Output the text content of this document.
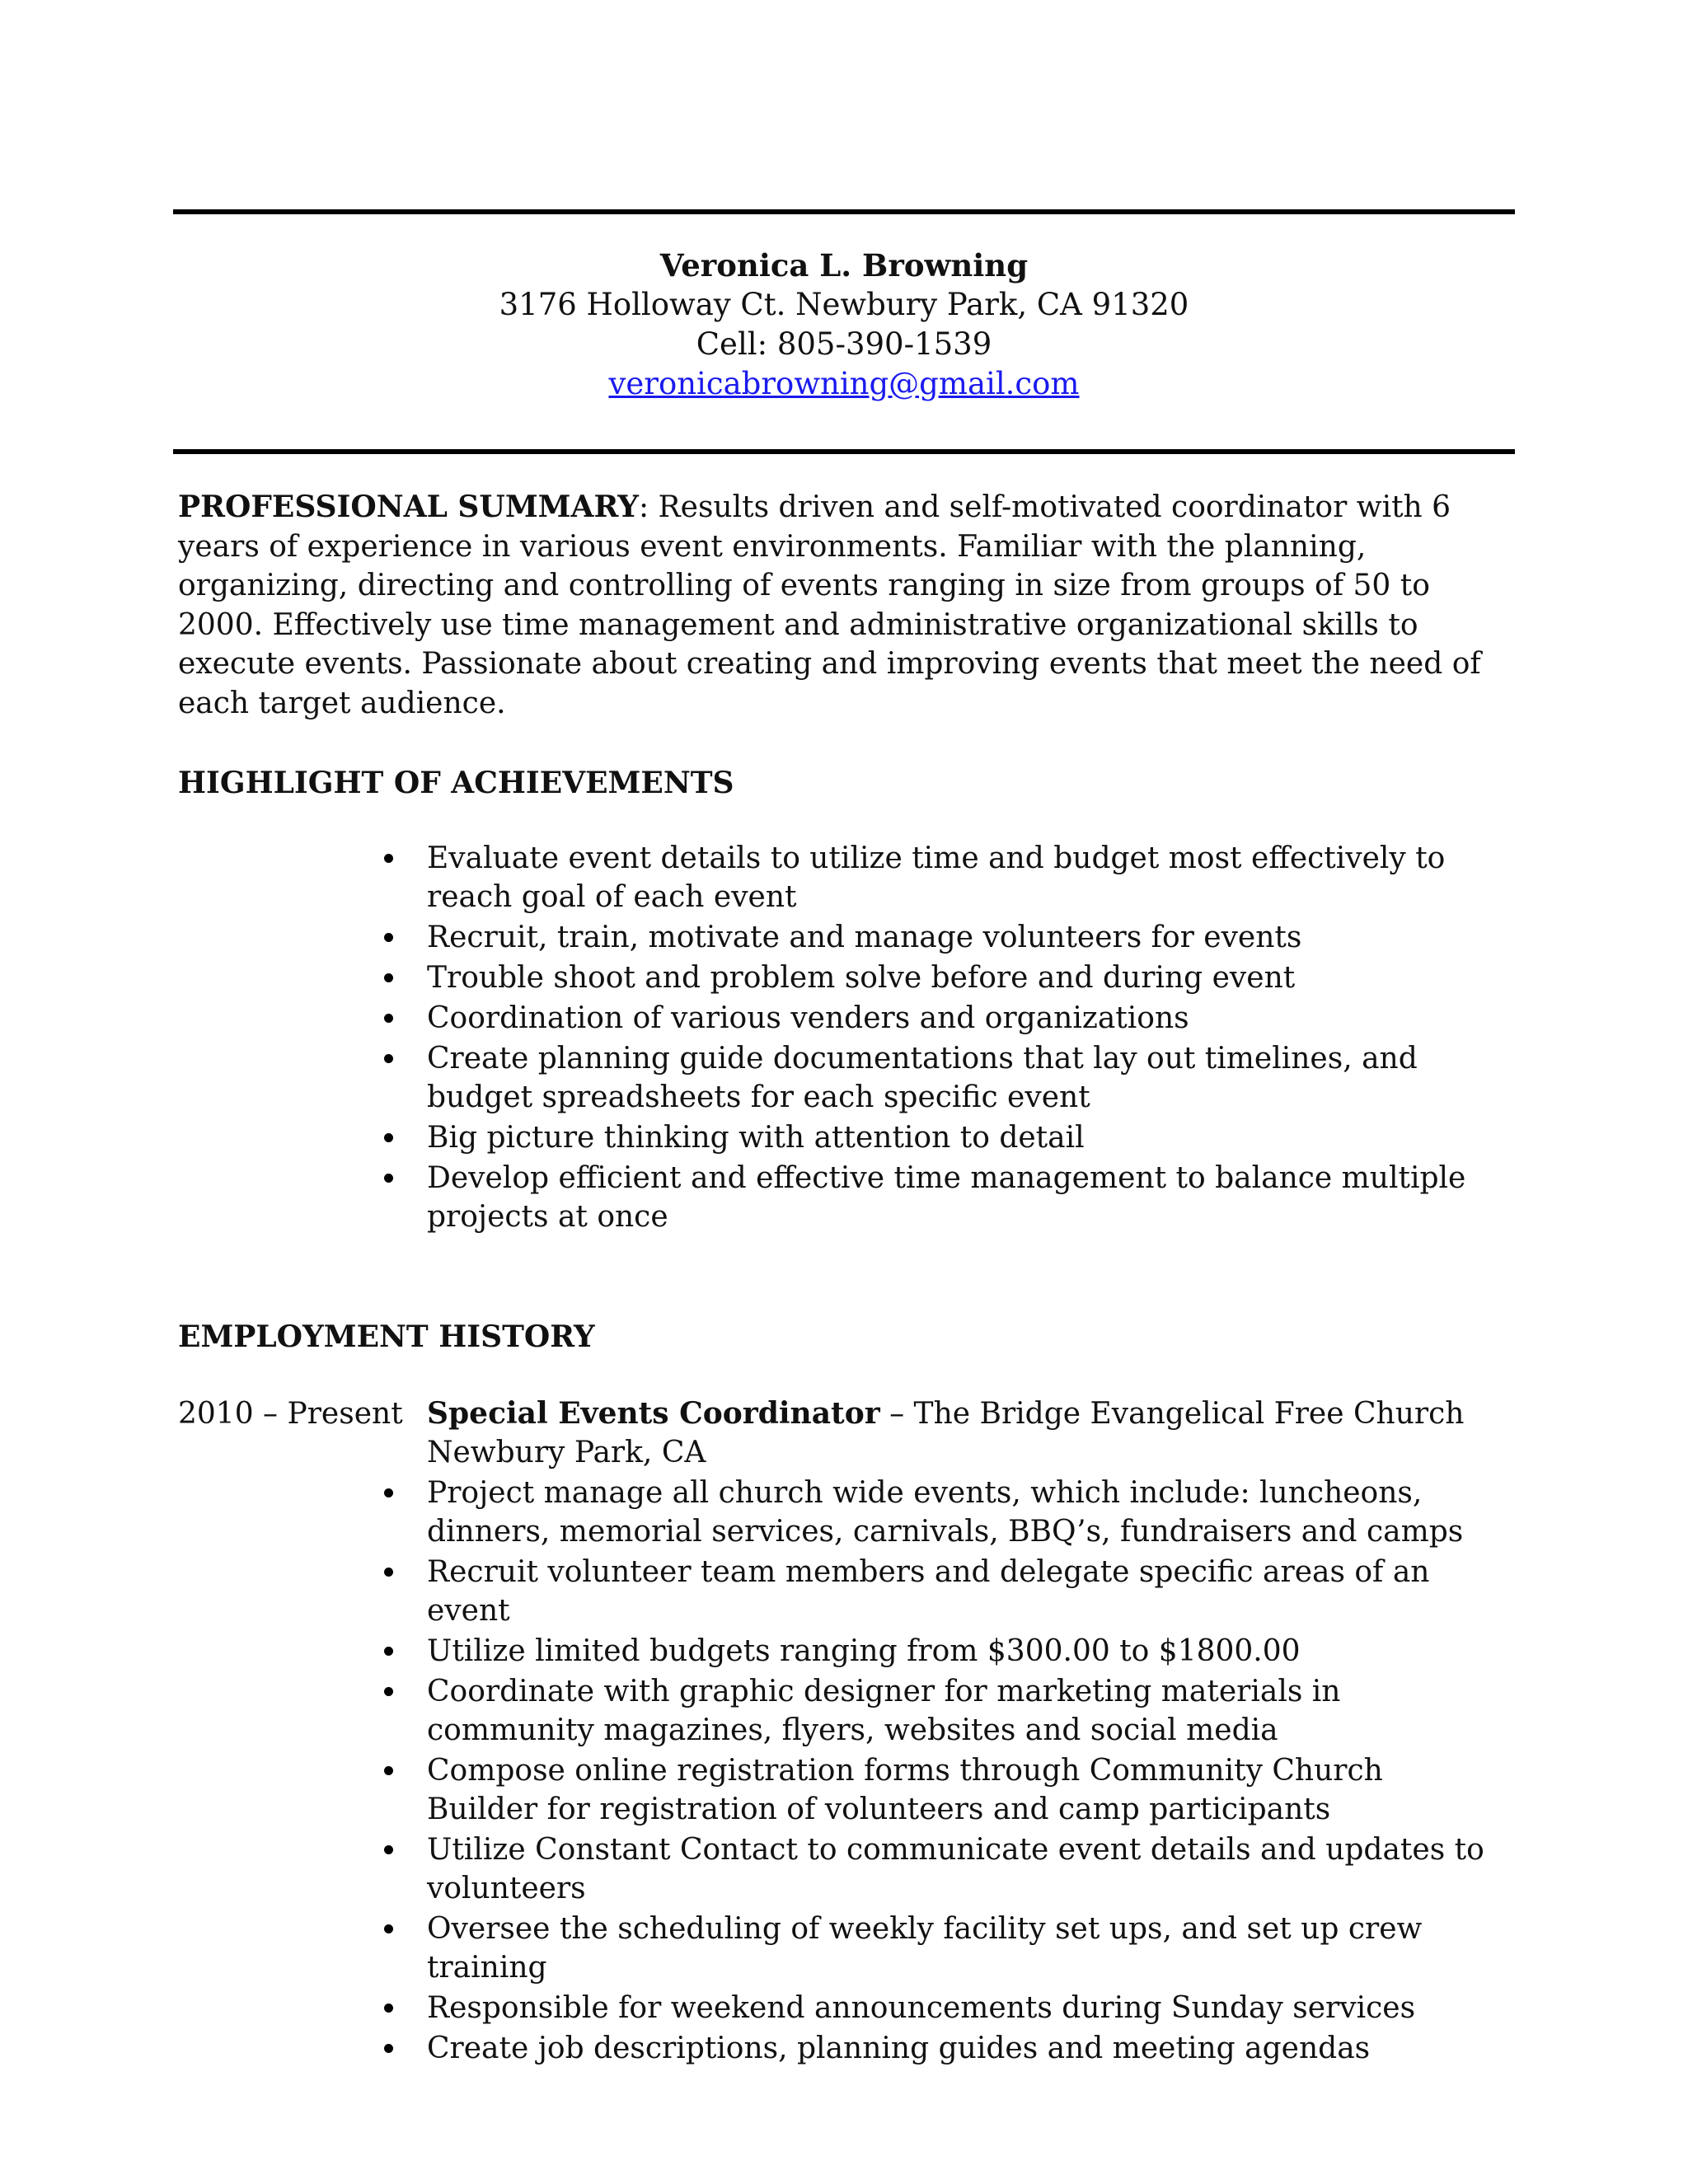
Veronica L. Browning
3176 Holloway Ct. Newbury Park, CA 91320
Cell: 805-390-1539
veronicabrowning@gmail.com
PROFESSIONAL SUMMARY: Results driven and self-motivated coordinator with 6 years of experience in various event environments. Familiar with the planning, organizing, directing and controlling of events ranging in size from groups of 50 to 2000. Effectively use time management and administrative organizational skills to execute events. Passionate about creating and improving events that meet the need of each target audience.
HIGHLIGHT OF ACHIEVEMENTS
Evaluate event details to utilize time and budget most effectively to reach goal of each event
Recruit, train, motivate and manage volunteers for events
Trouble shoot and problem solve before and during event
Coordination of various venders and organizations
Create planning guide documentations that lay out timelines, and budget spreadsheets for each specific event
Big picture thinking with attention to detail
Develop efficient and effective time management to balance multiple projects at once
EMPLOYMENT HISTORY
2010 – Present Special Events Coordinator – The Bridge Evangelical Free Church
Newbury Park, CA
Project manage all church wide events, which include: luncheons, dinners, memorial services, carnivals, BBQ’s, fundraisers and camps
Recruit volunteer team members and delegate specific areas of an event
Utilize limited budgets ranging from $300.00 to $1800.00
Coordinate with graphic designer for marketing materials in community magazines, flyers, websites and social media
Compose online registration forms through Community Church Builder for registration of volunteers and camp participants
Utilize Constant Contact to communicate event details and updates to volunteers
Oversee the scheduling of weekly facility set ups, and set up crew training
Responsible for weekend announcements during Sunday services
Create job descriptions, planning guides and meeting agendas
